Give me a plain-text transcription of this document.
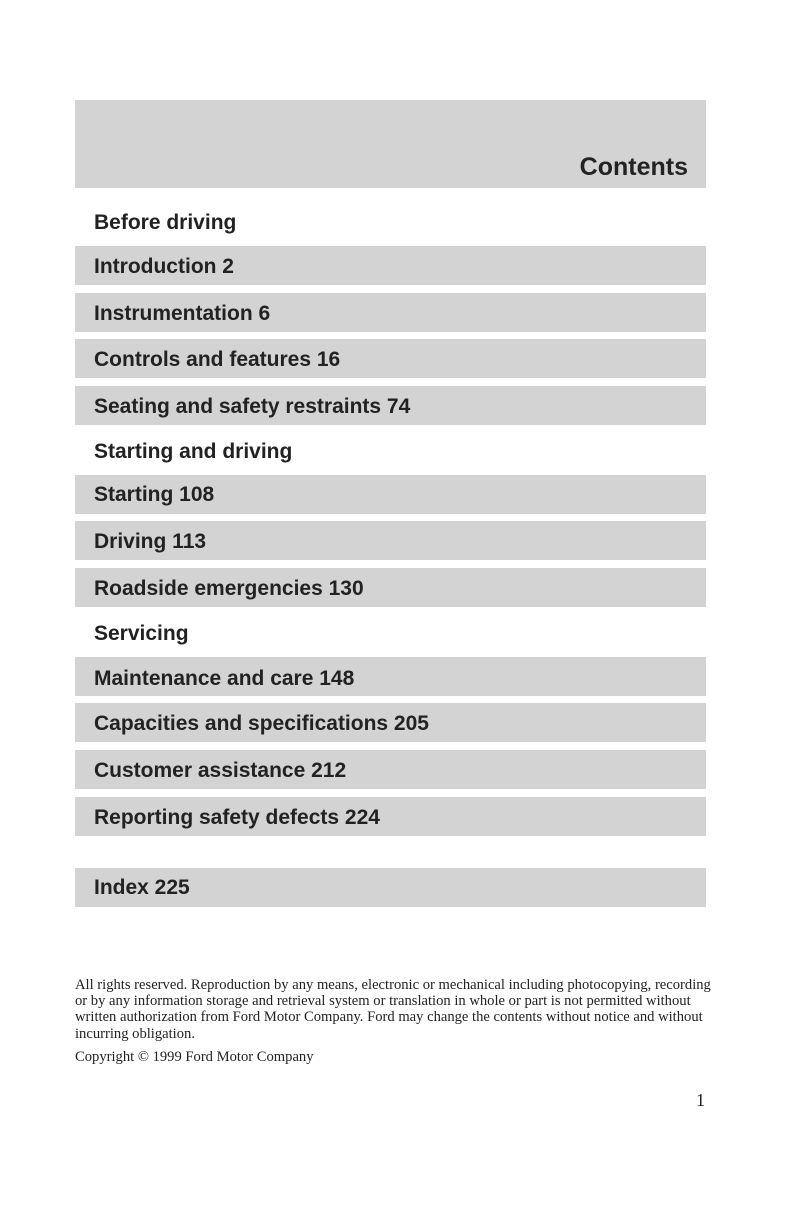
Contents
Before driving
Introduction 2
Instrumentation 6
Controls and features 16
Seating and safety restraints 74
Starting and driving
Starting 108
Driving 113
Roadside emergencies 130
Servicing
Maintenance and care 148
Capacities and specifications 205
Customer assistance 212
Reporting safety defects 224
Index 225

All rights reserved. Reproduction by any means, electronic or mechanical including photocopying, recording or by any information storage and retrieval system or translation in whole or part is not permitted without written authorization from Ford Motor Company. Ford may change the contents without notice and without incurring obligation.

Copyright © 1999 Ford Motor Company
1
